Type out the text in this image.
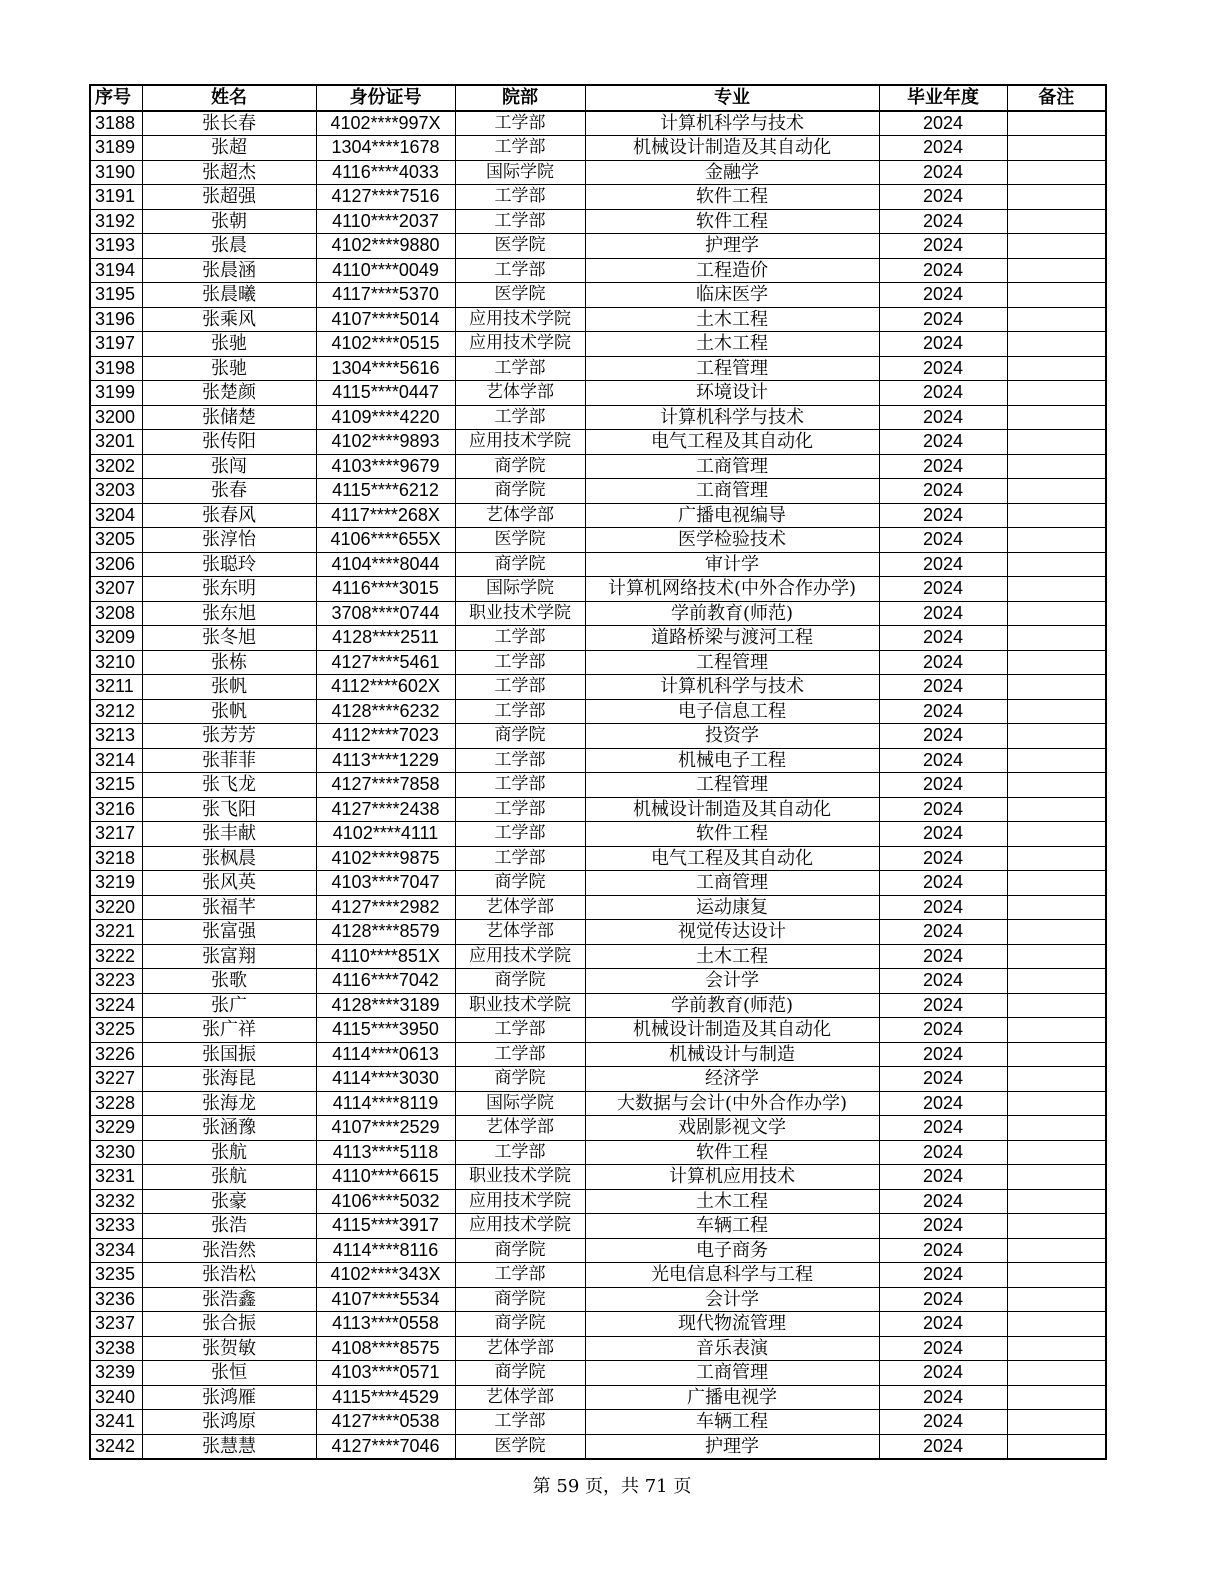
序号	姓名	身份证号	院部	专业	毕业年度	备注
3188	张长春	4102****997X	工学部	计算机科学与技术	2024	
3189	张超	1304****1678	工学部	机械设计制造及其自动化	2024	
3190	张超杰	4116****4033	国际学院	金融学	2024	
3191	张超强	4127****7516	工学部	软件工程	2024	
3192	张朝	4110****2037	工学部	软件工程	2024	
3193	张晨	4102****9880	医学院	护理学	2024	
3194	张晨涵	4110****0049	工学部	工程造价	2024	
3195	张晨曦	4117****5370	医学院	临床医学	2024	
3196	张乘风	4107****5014	应用技术学院	土木工程	2024	
3197	张驰	4102****0515	应用技术学院	土木工程	2024	
3198	张驰	1304****5616	工学部	工程管理	2024	
3199	张楚颜	4115****0447	艺体学部	环境设计	2024	
3200	张储楚	4109****4220	工学部	计算机科学与技术	2024	
3201	张传阳	4102****9893	应用技术学院	电气工程及其自动化	2024	
3202	张闯	4103****9679	商学院	工商管理	2024	
3203	张春	4115****6212	商学院	工商管理	2024	
3204	张春风	4117****268X	艺体学部	广播电视编导	2024	
3205	张淳怡	4106****655X	医学院	医学检验技术	2024	
3206	张聪玲	4104****8044	商学院	审计学	2024	
3207	张东明	4116****3015	国际学院	计算机网络技术(中外合作办学)	2024	
3208	张东旭	3708****0744	职业技术学院	学前教育(师范)	2024	
3209	张冬旭	4128****2511	工学部	道路桥梁与渡河工程	2024	
3210	张栋	4127****5461	工学部	工程管理	2024	
3211	张帆	4112****602X	工学部	计算机科学与技术	2024	
3212	张帆	4128****6232	工学部	电子信息工程	2024	
3213	张芳芳	4112****7023	商学院	投资学	2024	
3214	张菲菲	4113****1229	工学部	机械电子工程	2024	
3215	张飞龙	4127****7858	工学部	工程管理	2024	
3216	张飞阳	4127****2438	工学部	机械设计制造及其自动化	2024	
3217	张丰献	4102****4111	工学部	软件工程	2024	
3218	张枫晨	4102****9875	工学部	电气工程及其自动化	2024	
3219	张风英	4103****7047	商学院	工商管理	2024	
3220	张福芊	4127****2982	艺体学部	运动康复	2024	
3221	张富强	4128****8579	艺体学部	视觉传达设计	2024	
3222	张富翔	4110****851X	应用技术学院	土木工程	2024	
3223	张歌	4116****7042	商学院	会计学	2024	
3224	张广	4128****3189	职业技术学院	学前教育(师范)	2024	
3225	张广祥	4115****3950	工学部	机械设计制造及其自动化	2024	
3226	张国振	4114****0613	工学部	机械设计与制造	2024	
3227	张海昆	4114****3030	商学院	经济学	2024	
3228	张海龙	4114****8119	国际学院	大数据与会计(中外合作办学)	2024	
3229	张涵豫	4107****2529	艺体学部	戏剧影视文学	2024	
3230	张航	4113****5118	工学部	软件工程	2024	
3231	张航	4110****6615	职业技术学院	计算机应用技术	2024	
3232	张豪	4106****5032	应用技术学院	土木工程	2024	
3233	张浩	4115****3917	应用技术学院	车辆工程	2024	
3234	张浩然	4114****8116	商学院	电子商务	2024	
3235	张浩松	4102****343X	工学部	光电信息科学与工程	2024	
3236	张浩鑫	4107****5534	商学院	会计学	2024	
3237	张合振	4113****0558	商学院	现代物流管理	2024	
3238	张贺敏	4108****8575	艺体学部	音乐表演	2024	
3239	张恒	4103****0571	商学院	工商管理	2024	
3240	张鸿雁	4115****4529	艺体学部	广播电视学	2024	
3241	张鸿原	4127****0538	工学部	车辆工程	2024	
3242	张慧慧	4127****7046	医学院	护理学	2024	
第 59 页，共 71 页
